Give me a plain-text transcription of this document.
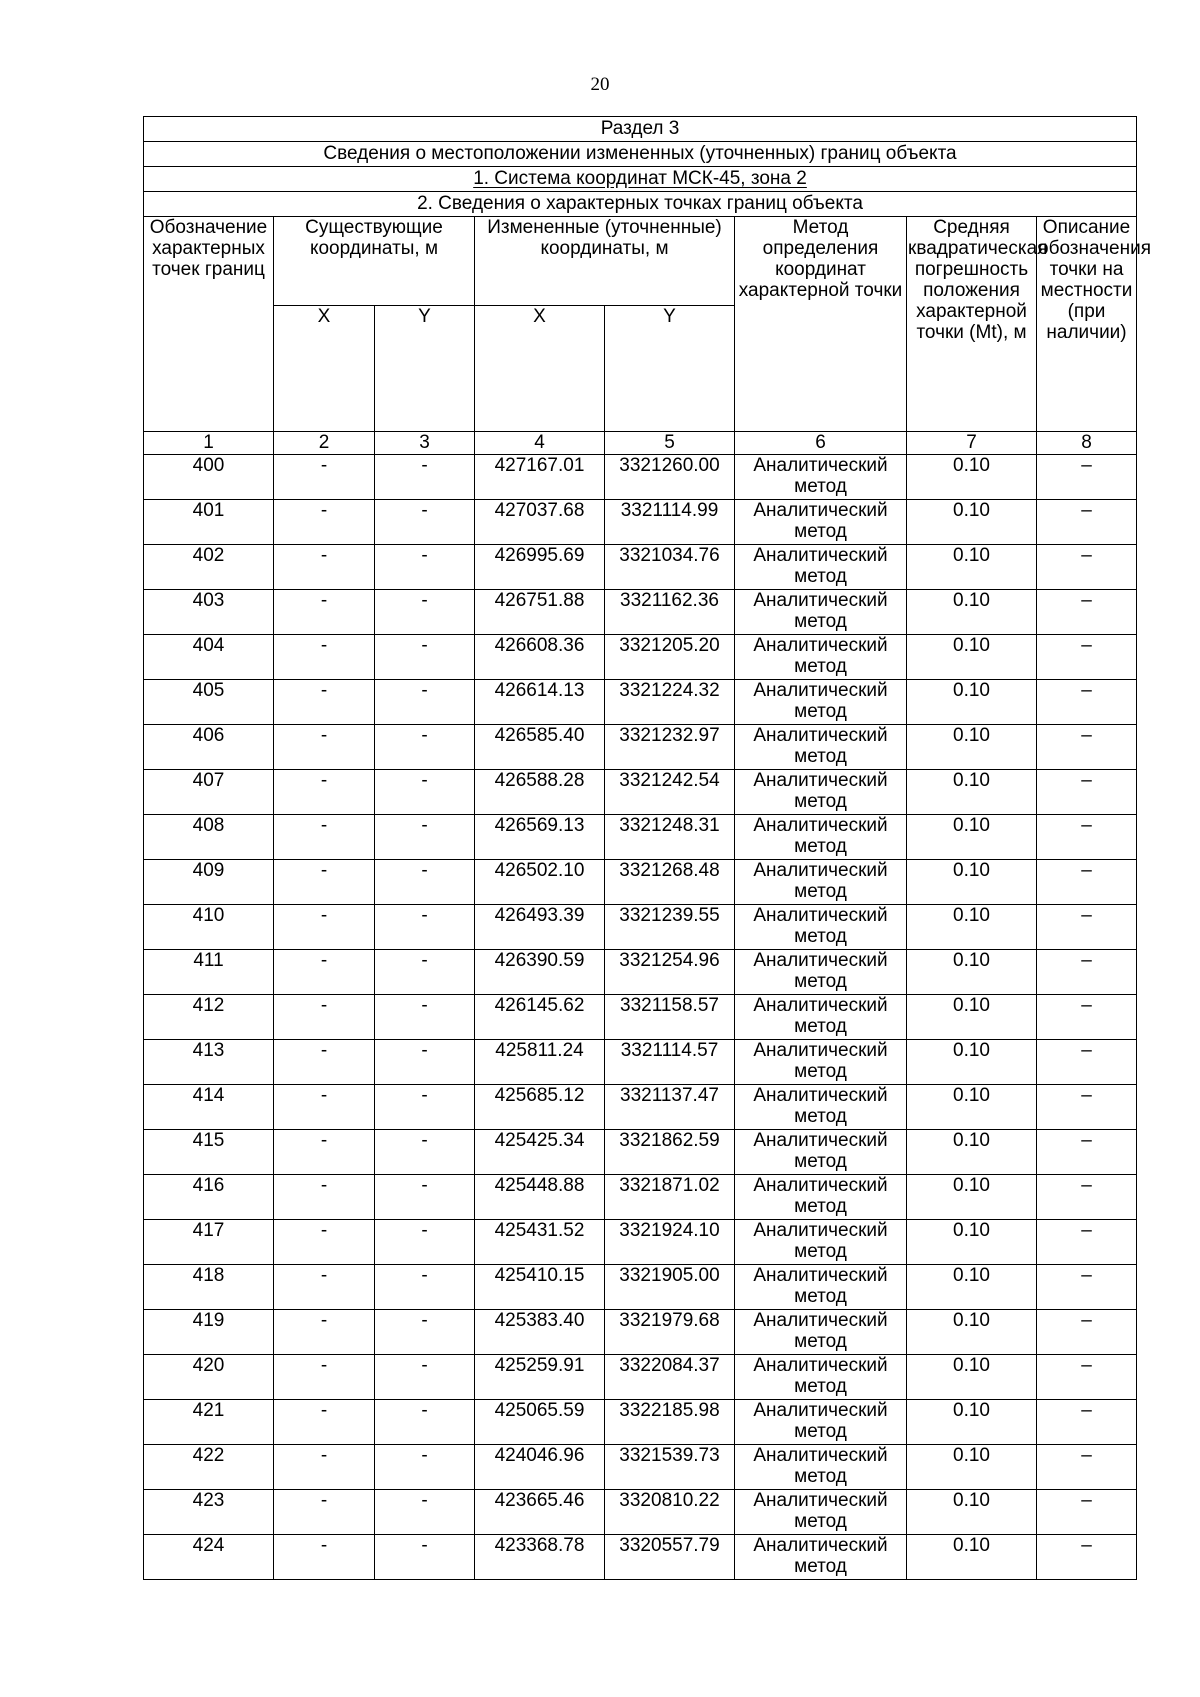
20
Раздел 3							
Сведения о местоположении измененных (уточненных) границ объекта							
1. Система координат МСК-45, зона 2							
2. Сведения о характерных точках границ объекта							
Обозначение характерных точек границ	Существующие координаты, м		Измененные (уточненные) координаты, м		Метод определения координат характерной точки	Средняя квадратическая погрешность положения характерной точки (Mt), м	Описание обозначения точки на местности (при наличии)
	X	Y	X	Y			
1	2	3	4	5	6	7	8
400	-	-	427167.01	3321260.00	Аналитический метод	0.10	–
401	-	-	427037.68	3321114.99	Аналитический метод	0.10	–
402	-	-	426995.69	3321034.76	Аналитический метод	0.10	–
403	-	-	426751.88	3321162.36	Аналитический метод	0.10	–
404	-	-	426608.36	3321205.20	Аналитический метод	0.10	–
405	-	-	426614.13	3321224.32	Аналитический метод	0.10	–
406	-	-	426585.40	3321232.97	Аналитический метод	0.10	–
407	-	-	426588.28	3321242.54	Аналитический метод	0.10	–
408	-	-	426569.13	3321248.31	Аналитический метод	0.10	–
409	-	-	426502.10	3321268.48	Аналитический метод	0.10	–
410	-	-	426493.39	3321239.55	Аналитический метод	0.10	–
411	-	-	426390.59	3321254.96	Аналитический метод	0.10	–
412	-	-	426145.62	3321158.57	Аналитический метод	0.10	–
413	-	-	425811.24	3321114.57	Аналитический метод	0.10	–
414	-	-	425685.12	3321137.47	Аналитический метод	0.10	–
415	-	-	425425.34	3321862.59	Аналитический метод	0.10	–
416	-	-	425448.88	3321871.02	Аналитический метод	0.10	–
417	-	-	425431.52	3321924.10	Аналитический метод	0.10	–
418	-	-	425410.15	3321905.00	Аналитический метод	0.10	–
419	-	-	425383.40	3321979.68	Аналитический метод	0.10	–
420	-	-	425259.91	3322084.37	Аналитический метод	0.10	–
421	-	-	425065.59	3322185.98	Аналитический метод	0.10	–
422	-	-	424046.96	3321539.73	Аналитический метод	0.10	–
423	-	-	423665.46	3320810.22	Аналитический метод	0.10	–
424	-	-	423368.78	3320557.79	Аналитический метод	0.10	–
